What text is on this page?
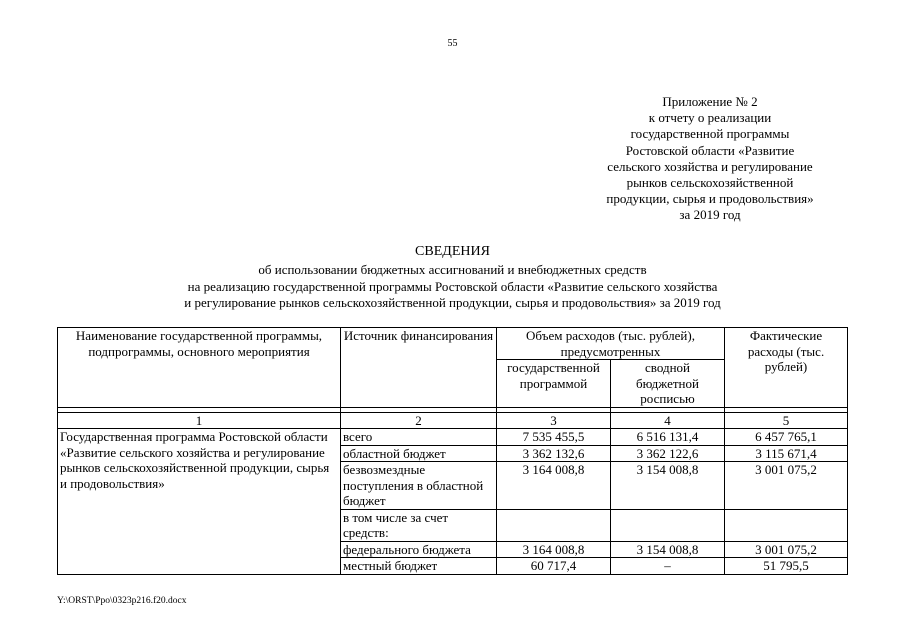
55
Приложение № 2
к отчету о реализации
государственной программы
Ростовской области «Развитие
сельского хозяйства и регулирование
рынков сельскохозяйственной
продукции, сырья и продовольствия»
за 2019 год
СВЕДЕНИЯ
об использовании бюджетных ассигнований и внебюджетных средств
на реализацию государственной программы Ростовской области «Развитие сельского хозяйства
и регулирование рынков сельскохозяйственной продукции, сырья и продовольствия» за 2019 год
Наименование государственной программы, подпрограммы, основного мероприятия	Источник финансирования	Объем расходов (тыс. рублей), предусмотренных		Фактические расходы (тыс. рублей)
		государственной программой	сводной бюджетной росписью	

1	2	3	4	5
Государственная программа Ростовской области «Развитие сельского хозяйства и регулирование рынков сельскохозяйственной продукции, сырья и продовольствия»	всего	7 535 455,5	6 516 131,4	6 457 765,1
	областной бюджет	3 362 132,6	3 362 122,6	3 115 671,4
	безвозмездные поступления в областной бюджет	3 164 008,8	3 154 008,8	3 001 075,2
	в том числе за счет средств:			
	федерального бюджета	3 164 008,8	3 154 008,8	3 001 075,2
	местный бюджет	60 717,4	–	51 795,5
Y:\ORST\Ppo\0323p216.f20.docx
